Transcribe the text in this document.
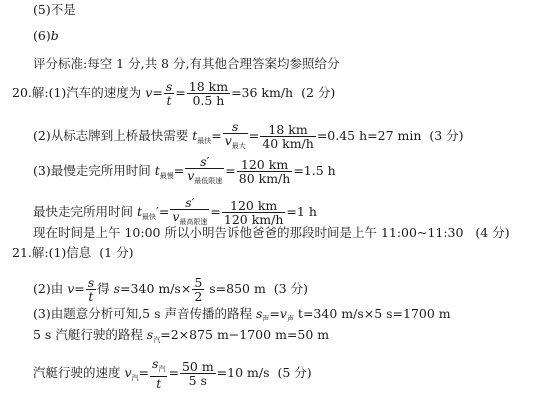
(5)不是
(6)b
评分标准:每空 1 分,共 8 分,有其他合理答案均参照给分
20.解:(1)汽车的速度为 $v= \frac{s}{t} = \frac{18 km}{0.5 h} =36$ km/h (2 分)
(2)从标志牌到上桥最快需要 $t_{最快}=$
s
$v_{最大}$
= $\frac{18 km}{40 km/h} =0.45$ h=27 min (3 分)
(3)最慢走完所用时间 $t_{最慢}=$
s′
$v_{最低限速}$
= $\frac{120 km}{80 km/h} =1.5$ h
最快走完所用时间 $t_{最快}'=$
s′
$v_{最高限速}$
= $\frac{120 km}{120 km/h} =1$ h
现在时间是上午 10:00 所以小明告诉他爸爸的那段时间是上午 11:00~11:30 (4 分)
21.解:(1)信息 (1 分)
(2)由 $v= \frac{s}{t}$ 得 s=340 $m/s\times \frac{5}{2} s=850$ m (3 分)
(3)由题意分析可知,5 s 声音传播的路程 $s_声=v_声$ t=340 m/s×5 s=1700 m
5 s 汽艇行驶的路程 $s_汽=2\times 875$ m−1700 m=50 m
汽艇行驶的速度 $v_汽=$
$s_汽$
t
= $\frac{50 m}{5 s} =10$ m/s (5 分)
